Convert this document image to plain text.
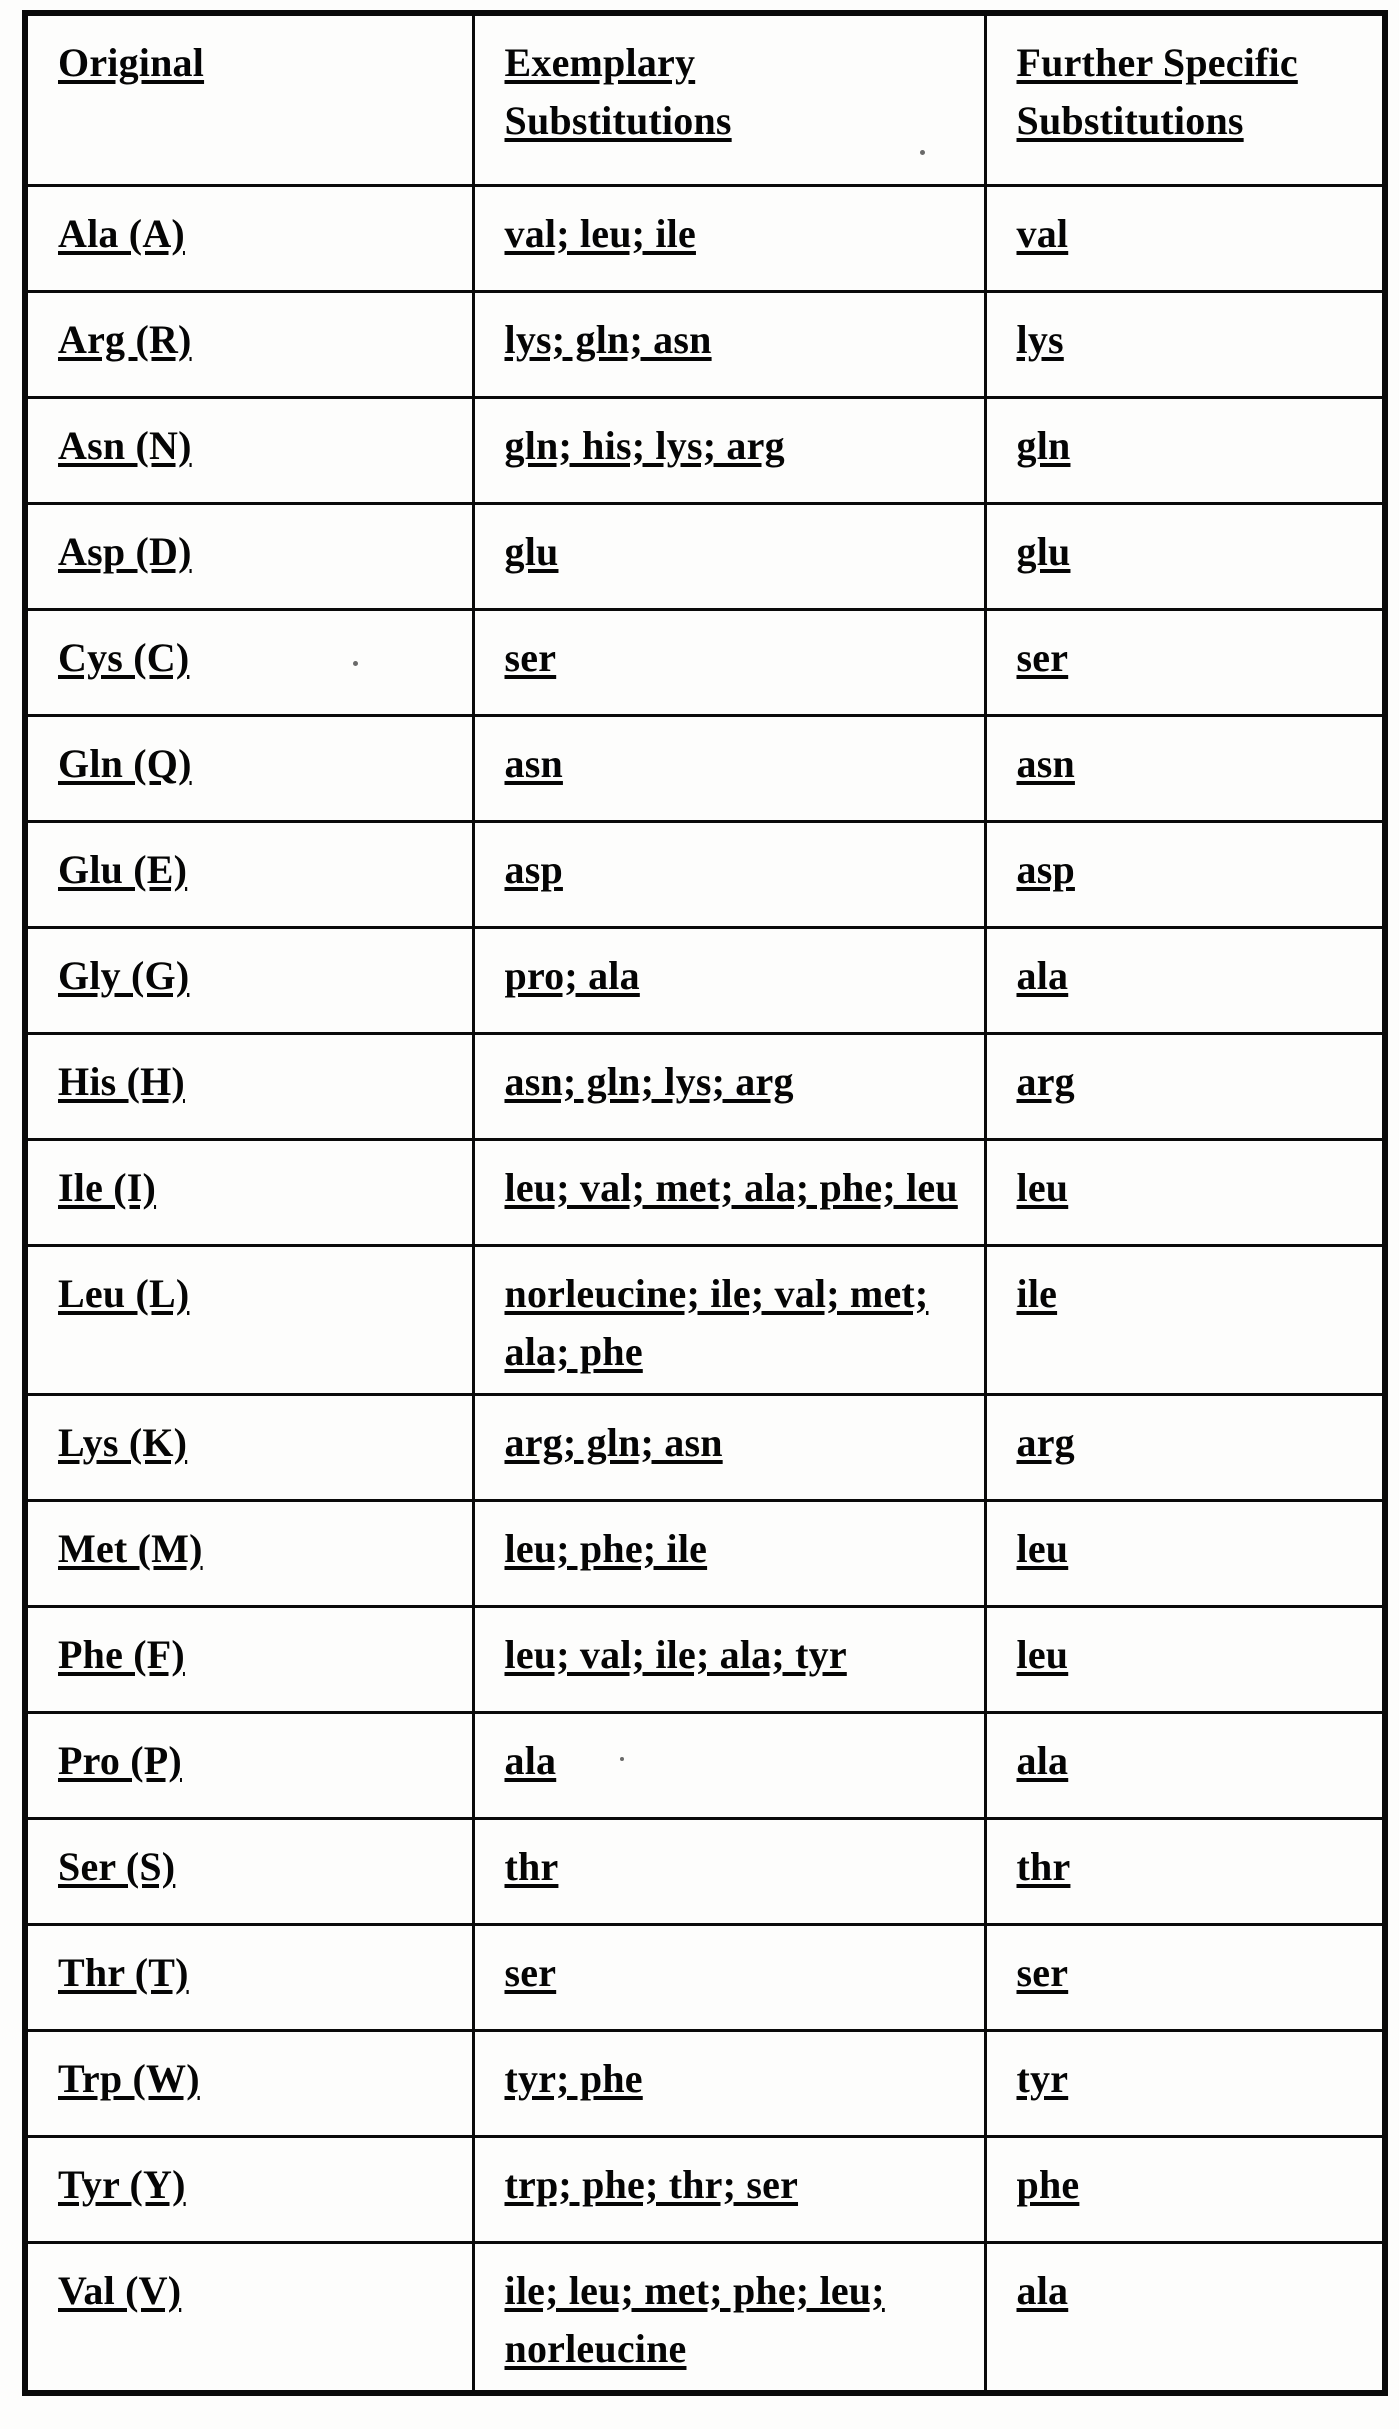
Original	Exemplary Substitutions	Further Specific Substitutions
Ala (A)	val; leu; ile	val
Arg (R)	lys; gln; asn	lys
Asn (N)	gln; his; lys; arg	gln
Asp (D)	glu	glu
Cys (C)	ser	ser
Gln (Q)	asn	asn
Glu (E)	asp	asp
Gly (G)	pro; ala	ala
His (H)	asn; gln; lys; arg	arg
Ile (I)	leu; val; met; ala; phe; leu	leu
Leu (L)	norleucine; ile; val; met; ala; phe	ile
Lys (K)	arg; gln; asn	arg
Met (M)	leu; phe; ile	leu
Phe (F)	leu; val; ile; ala; tyr	leu
Pro (P)	ala	ala
Ser (S)	thr	thr
Thr (T)	ser	ser
Trp (W)	tyr; phe	tyr
Tyr (Y)	trp; phe; thr; ser	phe
Val (V)	ile; leu; met; phe; leu; norleucine	ala
